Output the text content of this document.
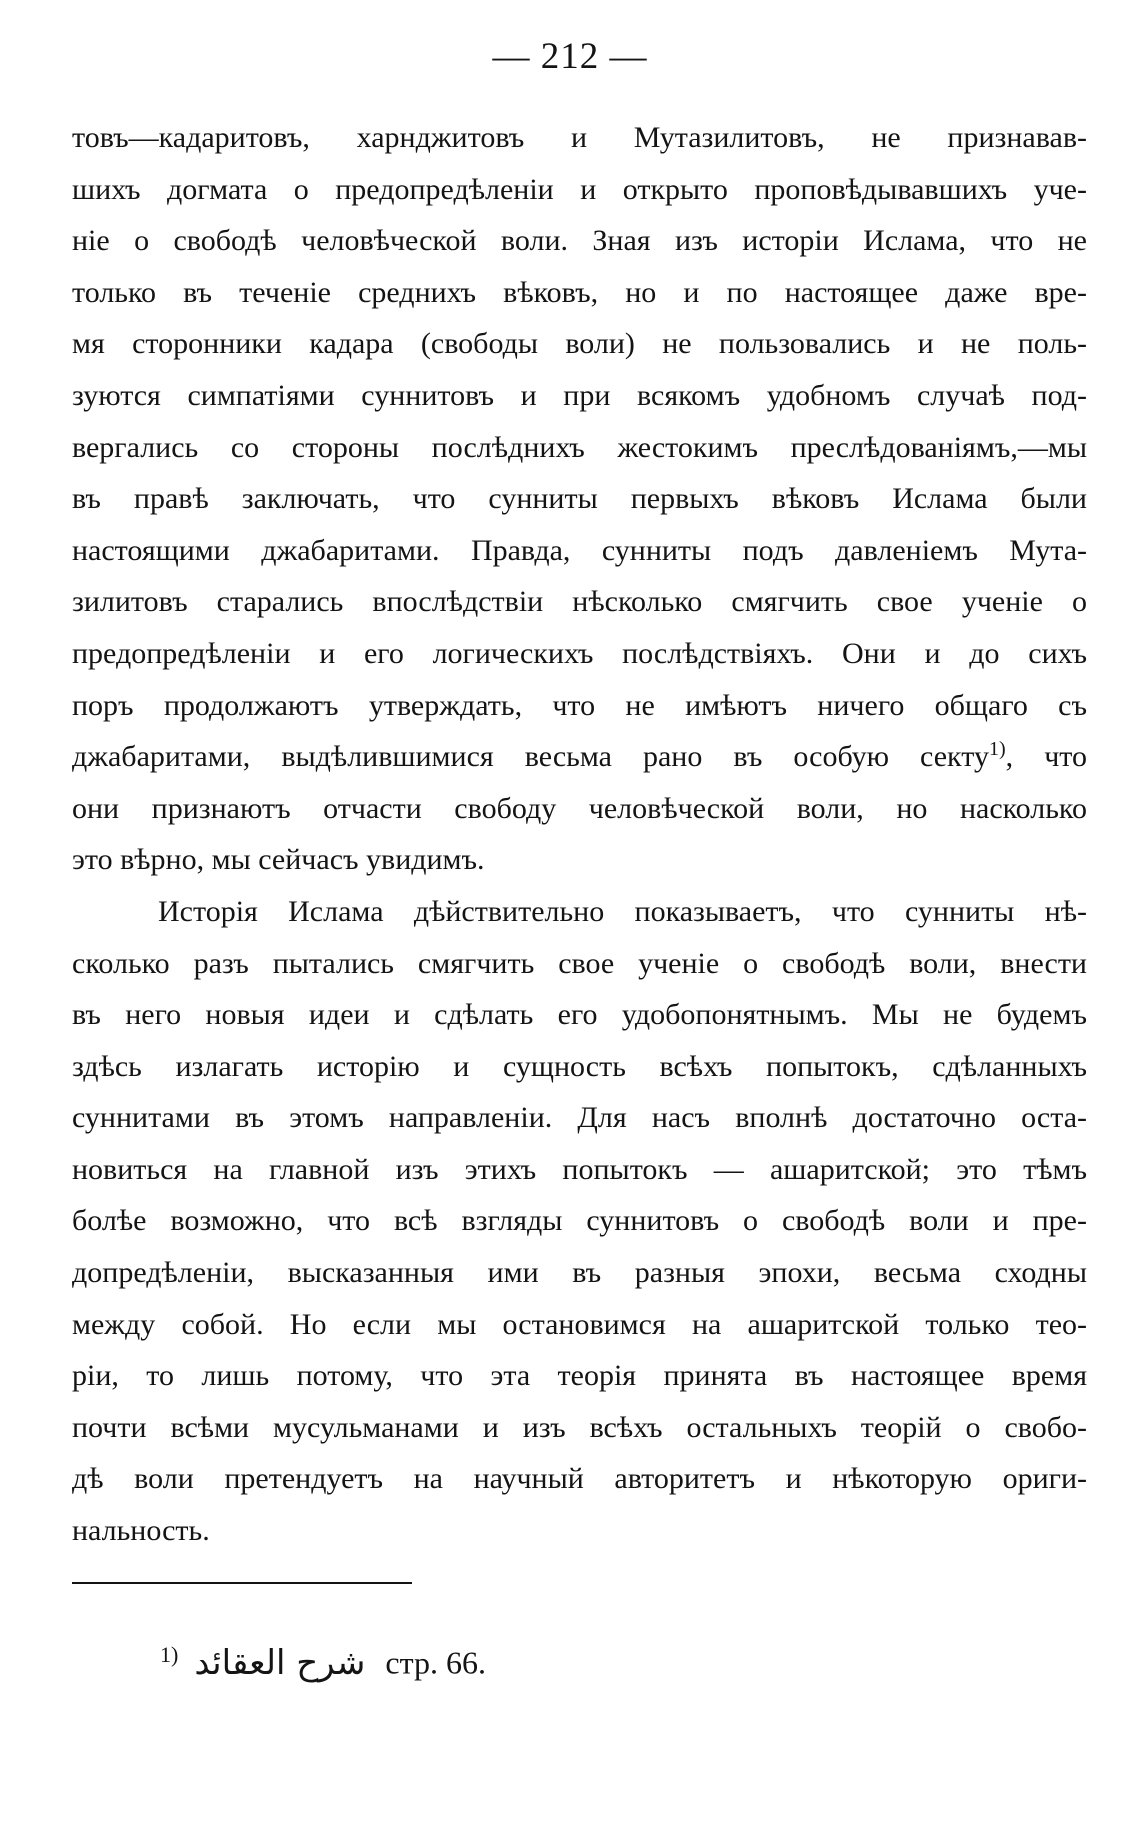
— 212 —
товъ—кадаритовъ, харнджитовъ и Мутазилитовъ, не признавав-
шихъ догмата о предопредѣленіи и открыто проповѣдывавшихъ уче-
ніе о свободѣ человѣческой воли. Зная изъ исторіи Ислама, что не
только въ теченіе среднихъ вѣковъ, но и по настоящее даже вре-
мя сторонники кадара (свободы воли) не пользовались и не поль-
зуются симпатіями суннитовъ и при всякомъ удобномъ случаѣ под-
вергались со стороны послѣднихъ жестокимъ преслѣдованіямъ,—мы
въ правѣ заключать, что сунниты первыхъ вѣковъ Ислама были
настоящими джабаритами. Правда, сунниты подъ давленіемъ Мута-
зилитовъ старались впослѣдствіи нѣсколько смягчить свое ученіе о
предопредѣленіи и его логическихъ послѣдствіяхъ. Они и до сихъ
поръ продолжаютъ утверждать, что не имѣютъ ничего общаго съ
джабаритами, выдѣлившимися весьма рано въ особую секту$^{1)}$, что
они признаютъ отчасти свободу человѣческой воли, но насколько
это вѣрно, мы сейчасъ увидимъ.
Исторія Ислама дѣйствительно показываетъ, что сунниты нѣ-
сколько разъ пытались смягчить свое ученіе о свободѣ воли, внести
въ него новыя идеи и сдѣлать его удобопонятнымъ. Мы не будемъ
здѣсь излагать исторію и сущность всѣхъ попытокъ, сдѣланныхъ
суннитами въ этомъ направленіи. Для насъ вполнѣ достаточно оста-
новиться на главной изъ этихъ попытокъ — ашаритской; это тѣмъ
болѣе возможно, что всѣ взгляды суннитовъ о свободѣ воли и пре-
допредѣленіи, высказанныя ими въ разныя эпохи, весьма сходны
между собой. Но если мы остановимся на ашаритской только тео-
ріи, то лишь потому, что эта теорія принята въ настоящее время
почти всѣми мусульманами и изъ всѣхъ остальныхъ теорій о свобо-
дѣ воли претендуетъ на научный авторитетъ и нѣкоторую ориги-
нальность.
$^{1)}$ شرح العقائد стр. 66.
